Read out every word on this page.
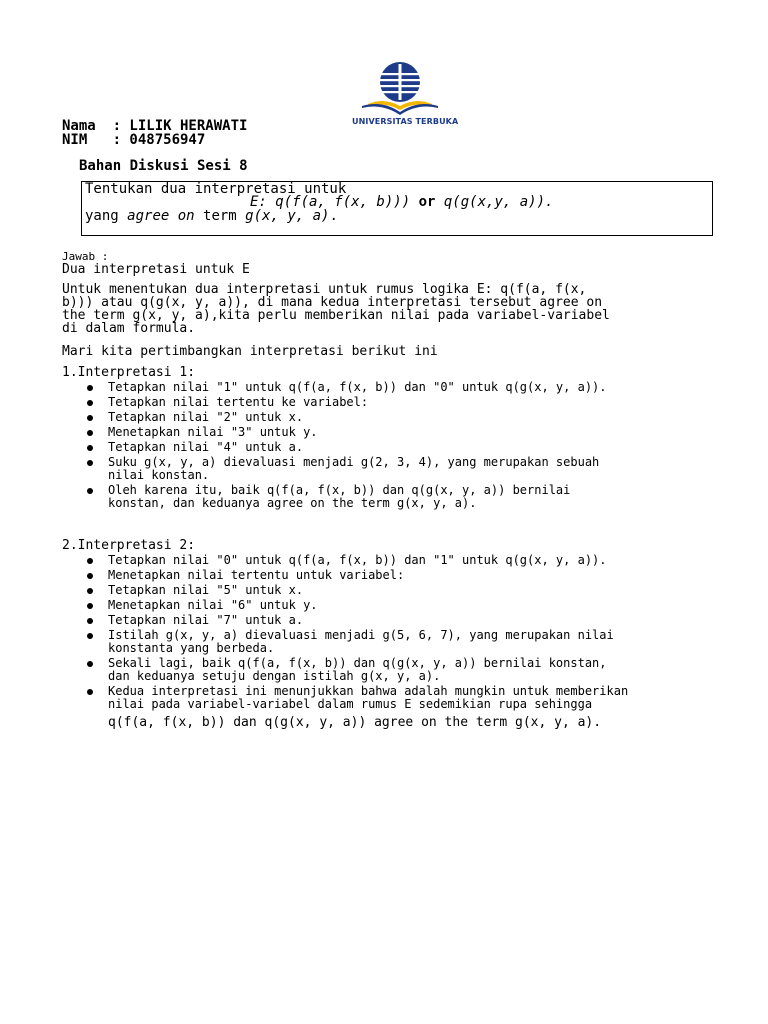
UNIVERSITAS TERBUKA
Nama  : LILIK HERAWATI
NIM   : 048756947
Bahan Diskusi Sesi 8
Tentukan dua interpretasi untuk
E: q(f(a, f(x, b))) or q(g(x,y, a)).
yang agree on term g(x, y, a).
Jawab :
Dua interpretasi untuk E
Untuk menentukan dua interpretasi untuk rumus logika E: q(f(a, f(x,
b))) atau q(g(x, y, a)), di mana kedua interpretasi tersebut agree on
the term g(x, y, a),kita perlu memberikan nilai pada variabel-variabel
di dalam formula.
Mari kita pertimbangkan interpretasi berikut ini
1.Interpretasi 1:
Tetapkan nilai "1" untuk q(f(a, f(x, b)) dan "0" untuk q(g(x, y, a)).
Tetapkan nilai tertentu ke variabel:
Tetapkan nilai "2" untuk x.
Menetapkan nilai "3" untuk y.
Tetapkan nilai "4" untuk a.
Suku g(x, y, a) dievaluasi menjadi g(2, 3, 4), yang merupakan sebuah
nilai konstan.
Oleh karena itu, baik q(f(a, f(x, b)) dan q(g(x, y, a)) bernilai
konstan, dan keduanya agree on the term g(x, y, a).
2.Interpretasi 2:
Tetapkan nilai "0" untuk q(f(a, f(x, b)) dan "1" untuk q(g(x, y, a)).
Menetapkan nilai tertentu untuk variabel:
Tetapkan nilai "5" untuk x.
Menetapkan nilai "6" untuk y.
Tetapkan nilai "7" untuk a.
Istilah g(x, y, a) dievaluasi menjadi g(5, 6, 7), yang merupakan nilai
konstanta yang berbeda.
Sekali lagi, baik q(f(a, f(x, b)) dan q(g(x, y, a)) bernilai konstan,
dan keduanya setuju dengan istilah g(x, y, a).
Kedua interpretasi ini menunjukkan bahwa adalah mungkin untuk memberikan
nilai pada variabel-variabel dalam rumus E sedemikian rupa sehingga
q(f(a, f(x, b)) dan q(g(x, y, a)) agree on the term g(x, y, a).
